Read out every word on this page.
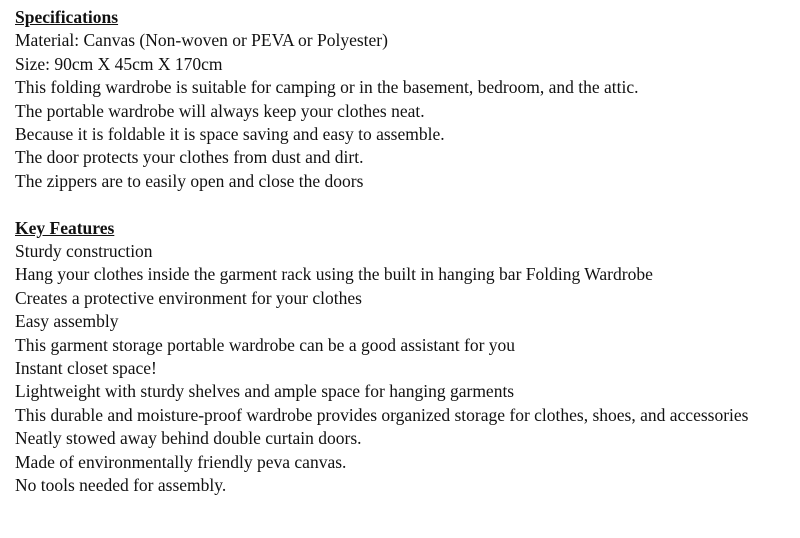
Specifications
Material: Canvas (Non-woven or PEVA or Polyester)
Size: 90cm X 45cm X 170cm
This folding wardrobe is suitable for camping or in the basement, bedroom, and the attic.
The portable wardrobe will always keep your clothes neat.
Because it is foldable it is space saving and easy to assemble.
The door protects your clothes from dust and dirt.
The zippers are to easily open and close the doors
Key Features
Sturdy construction
Hang your clothes inside the garment rack using the built in hanging bar Folding Wardrobe
Creates a protective environment for your clothes
Easy assembly
This garment storage portable wardrobe can be a good assistant for you
Instant closet space!
Lightweight with sturdy shelves and ample space for hanging garments
This durable and moisture-proof wardrobe provides organized storage for clothes, shoes, and accessories
Neatly stowed away behind double curtain doors.
Made of environmentally friendly peva canvas.
No tools needed for assembly.
